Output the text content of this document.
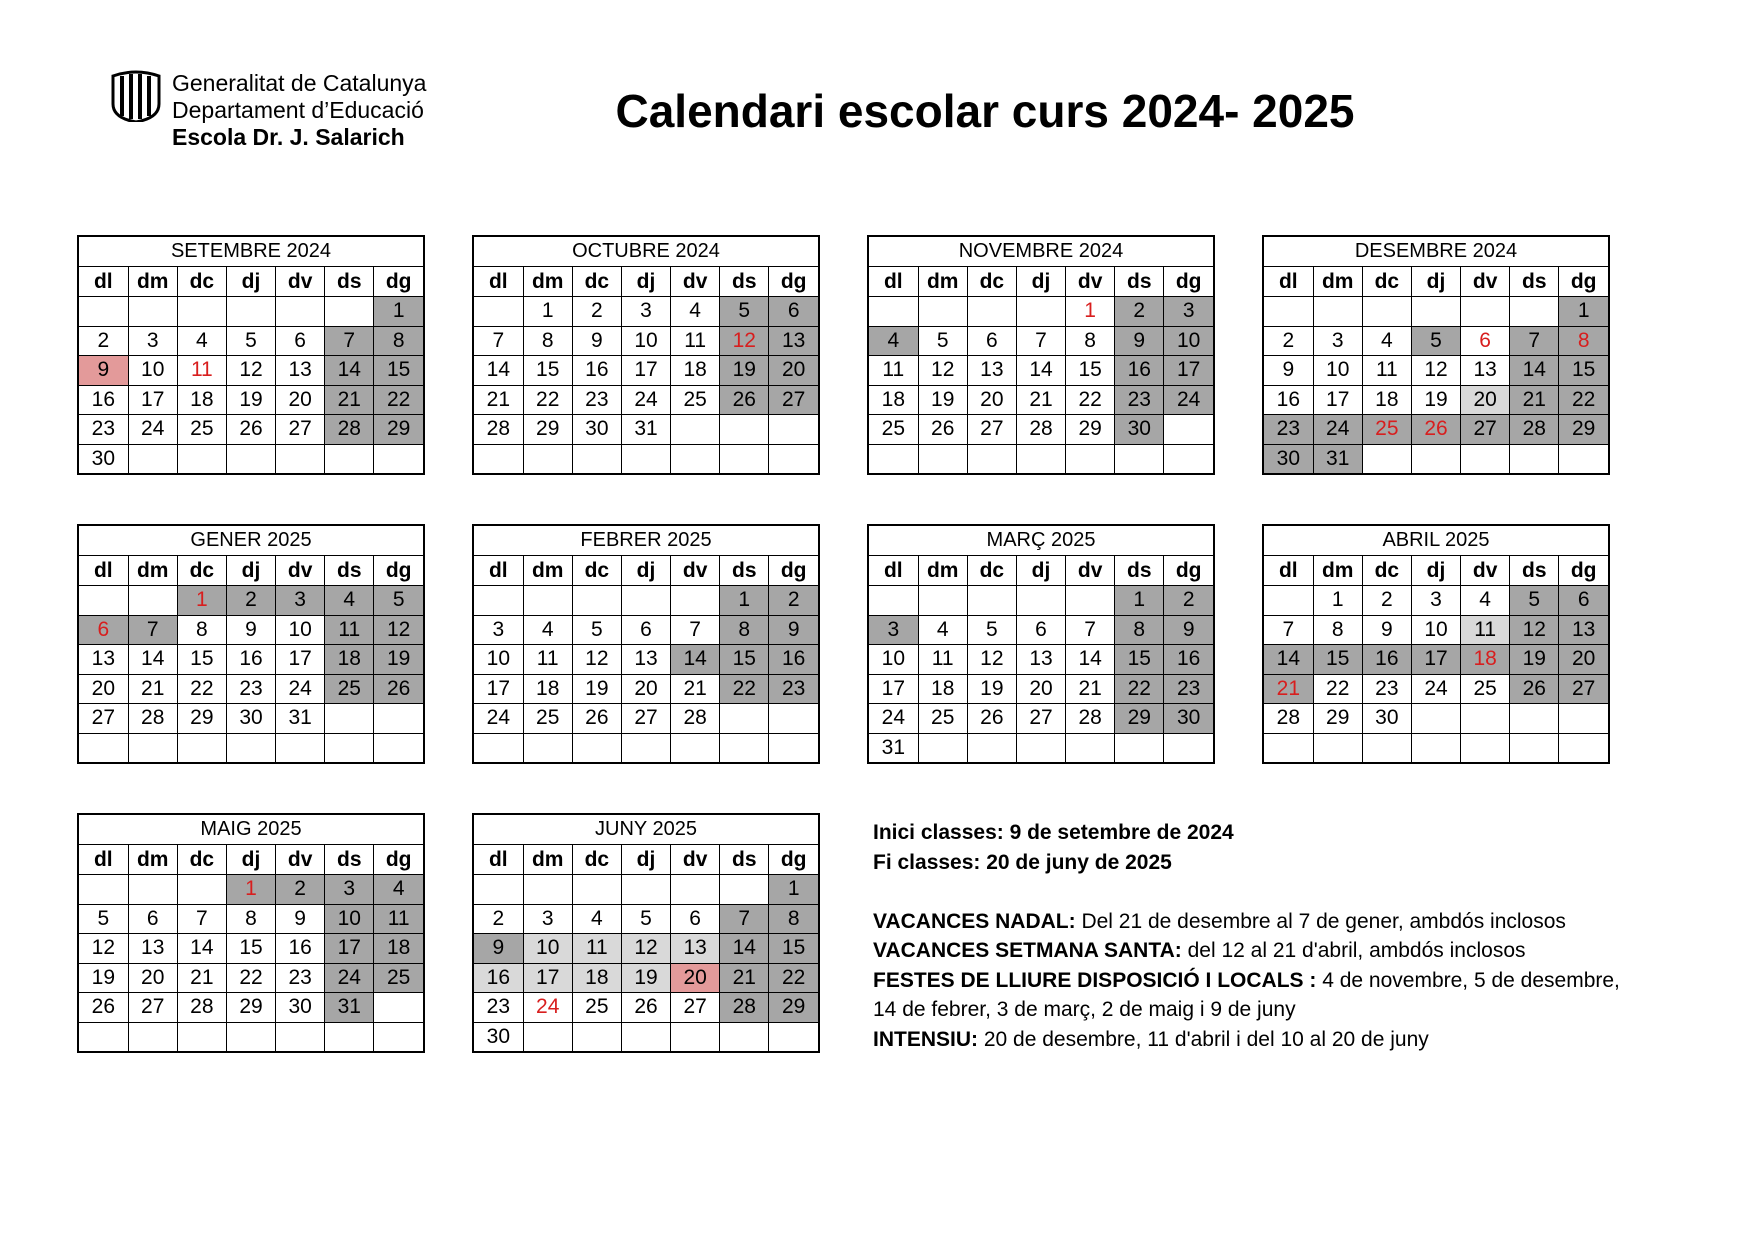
Generalitat de Catalunya
Departament d’Educació
Escola Dr. J. Salarich	Calendari escolar curs 2024- 2025
SETEMBRE 2024
dl	dm	dc	dj	dv	ds	dg
						1
2	3	4	5	6	7	8
9	10	11	12	13	14	15
16	17	18	19	20	21	22
23	24	25	26	27	28	29
30						
OCTUBRE 2024
dl	dm	dc	dj	dv	ds	dg
	1	2	3	4	5	6
7	8	9	10	11	12	13
14	15	16	17	18	19	20
21	22	23	24	25	26	27
28	29	30	31			

NOVEMBRE 2024
dl	dm	dc	dj	dv	ds	dg
				1	2	3
4	5	6	7	8	9	10
11	12	13	14	15	16	17
18	19	20	21	22	23	24
25	26	27	28	29	30	

DESEMBRE 2024
dl	dm	dc	dj	dv	ds	dg
						1
2	3	4	5	6	7	8
9	10	11	12	13	14	15
16	17	18	19	20	21	22
23	24	25	26	27	28	29
30	31					
GENER 2025
dl	dm	dc	dj	dv	ds	dg
		1	2	3	4	5
6	7	8	9	10	11	12
13	14	15	16	17	18	19
20	21	22	23	24	25	26
27	28	29	30	31		

FEBRER 2025
dl	dm	dc	dj	dv	ds	dg
					1	2
3	4	5	6	7	8	9
10	11	12	13	14	15	16
17	18	19	20	21	22	23
24	25	26	27	28		

MARÇ 2025
dl	dm	dc	dj	dv	ds	dg
					1	2
3	4	5	6	7	8	9
10	11	12	13	14	15	16
17	18	19	20	21	22	23
24	25	26	27	28	29	30
31						
ABRIL 2025
dl	dm	dc	dj	dv	ds	dg
	1	2	3	4	5	6
7	8	9	10	11	12	13
14	15	16	17	18	19	20
21	22	23	24	25	26	27
28	29	30				

MAIG 2025
dl	dm	dc	dj	dv	ds	dg
			1	2	3	4
5	6	7	8	9	10	11
12	13	14	15	16	17	18
19	20	21	22	23	24	25
26	27	28	29	30	31	

JUNY 2025
dl	dm	dc	dj	dv	ds	dg
						1
2	3	4	5	6	7	8
9	10	11	12	13	14	15
16	17	18	19	20	21	22
23	24	25	26	27	28	29
30						
Inici classes: 9 de setembre de 2024
Fi classes: 20 de juny de 2025
VACANCES NADAL: Del 21 de desembre al 7 de gener, ambdós inclosos
VACANCES SETMANA SANTA: del 12 al 21 d'abril, ambdós inclosos
FESTES DE LLIURE DISPOSICIÓ I LOCALS : 4 de novembre, 5 de desembre,
14 de febrer, 3 de març, 2 de maig i 9 de juny
INTENSIU: 20 de desembre, 11 d'abril i del 10 al 20 de juny
